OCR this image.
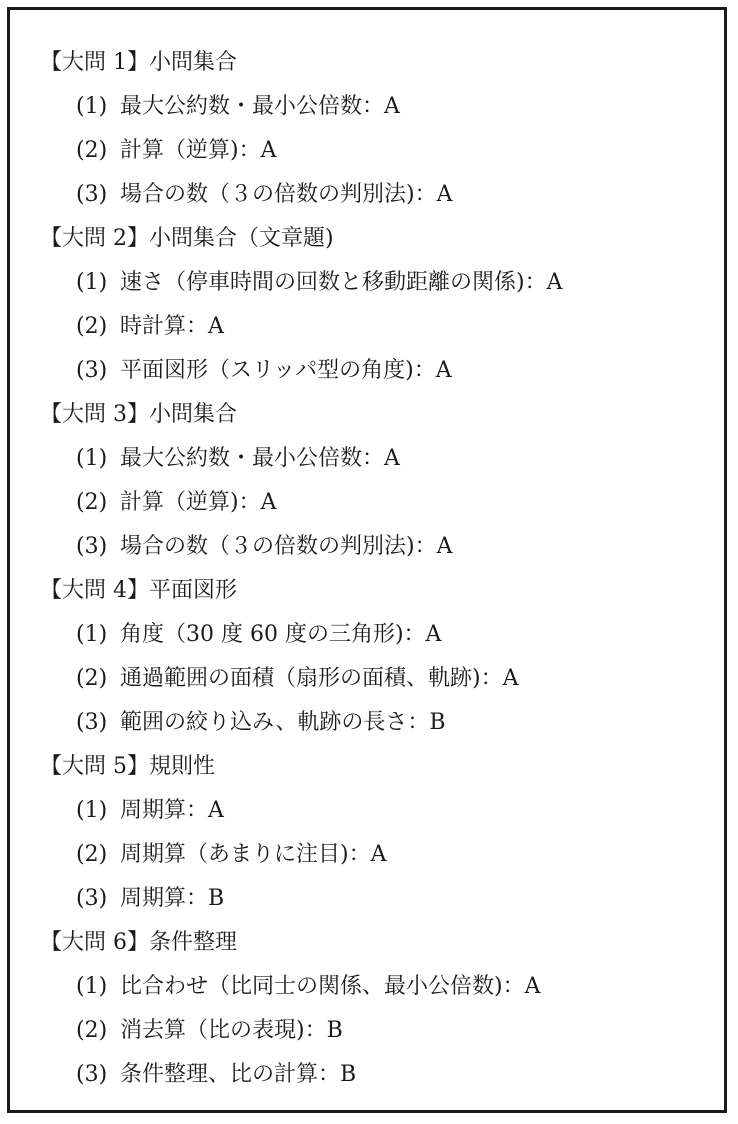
【大問 1】小問集合
(1) 最大公約数・最小公倍数：A
(2) 計算（逆算)：A
(3) 場合の数（３の倍数の判別法)：A
【大問 2】小問集合（文章題)
(1) 速さ（停車時間の回数と移動距離の関係)：A
(2) 時計算：A
(3) 平面図形（スリッパ型の角度)：A
【大問 3】小問集合
(1) 最大公約数・最小公倍数：A
(2) 計算（逆算)：A
(3) 場合の数（３の倍数の判別法)：A
【大問 4】平面図形
(1) 角度（30 度 60 度の三角形)：A
(2) 通過範囲の面積（扇形の面積、軌跡)：A
(3) 範囲の絞り込み、軌跡の長さ：B
【大問 5】規則性
(1) 周期算：A
(2) 周期算（あまりに注目)：A
(3) 周期算：B
【大問 6】条件整理
(1) 比合わせ（比同士の関係、最小公倍数)：A
(2) 消去算（比の表現)：B
(3) 条件整理、比の計算：B
